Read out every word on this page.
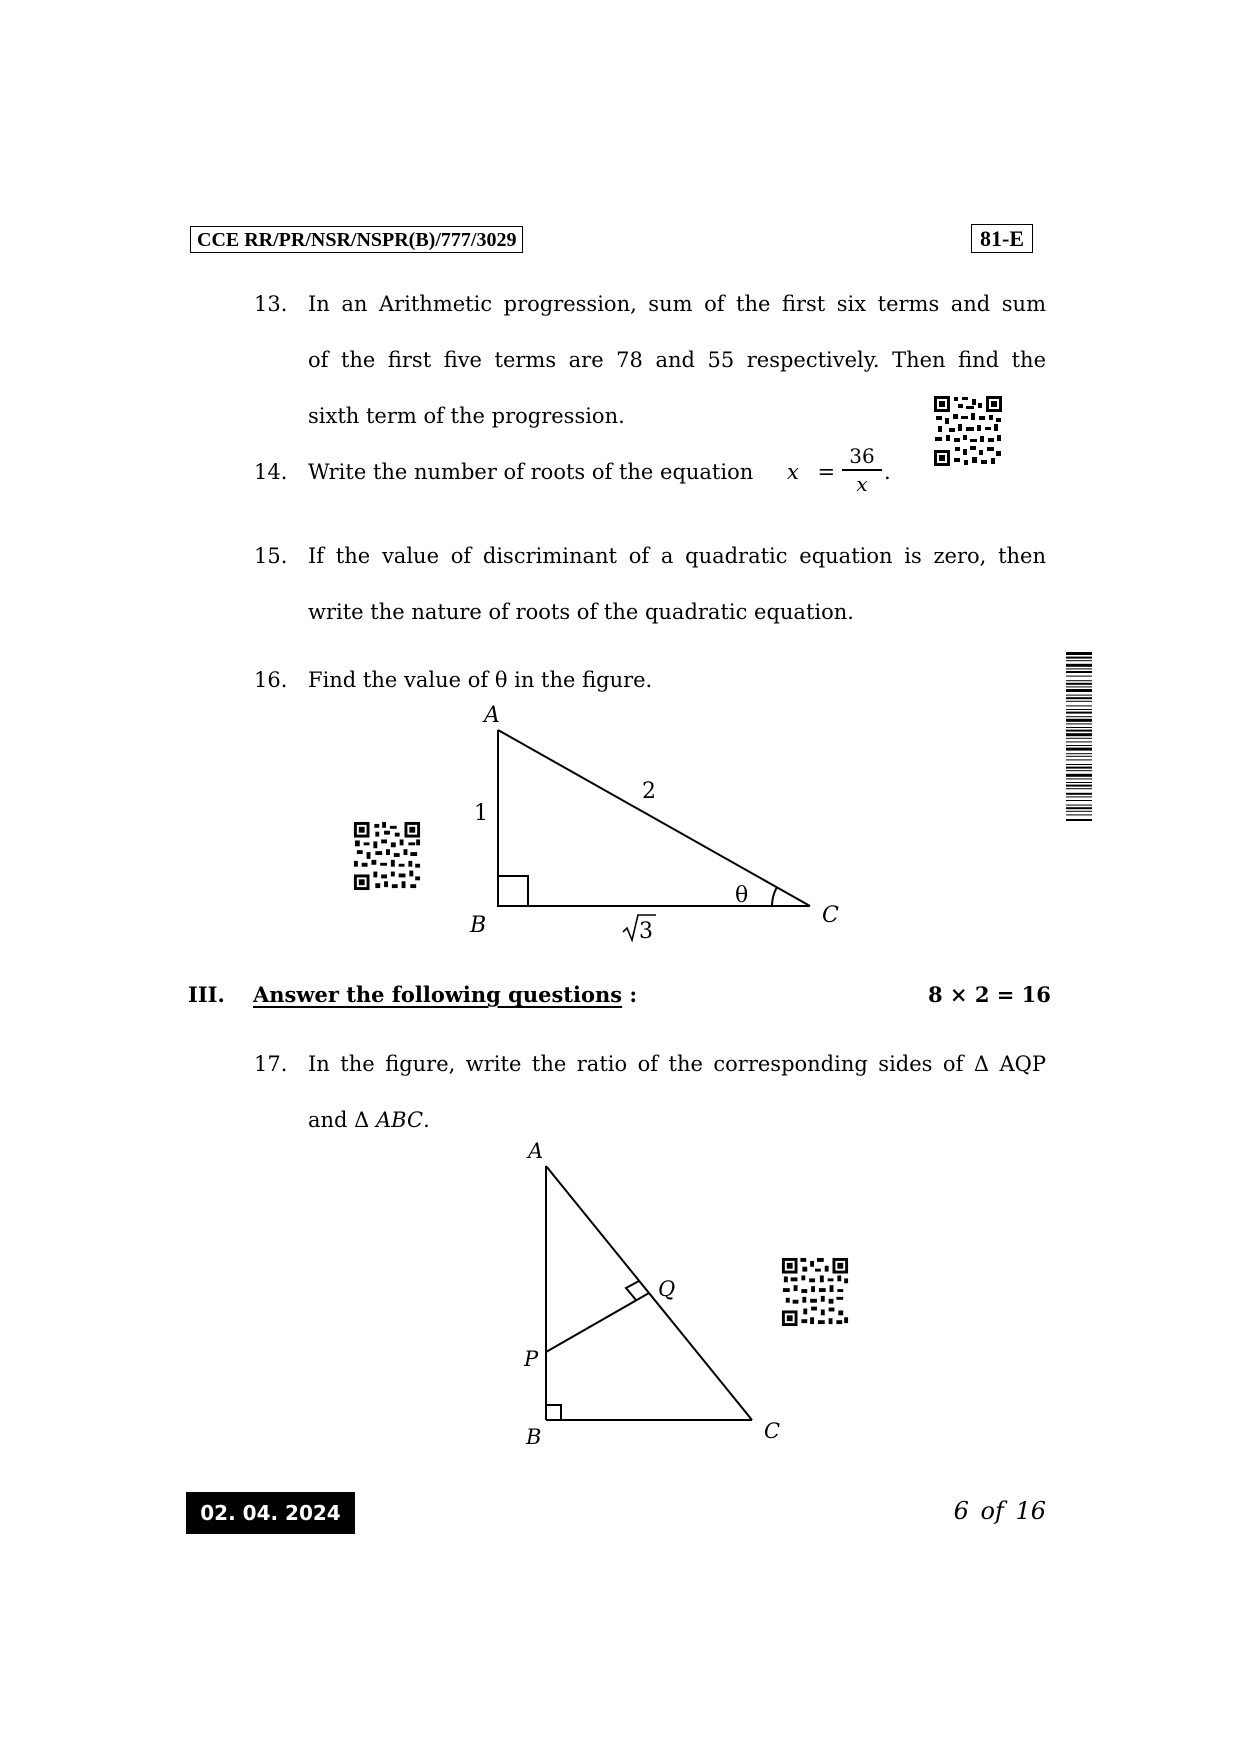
CCE RR/PR/NSR/NSPR(B)/777/3029	81-E
13. In an Arithmetic progression, sum of the first six terms and sum
of the first five terms are 78 and 55 respectively. Then find the
sixth term of the progression.
14. Write the number of roots of the equation x =
36
x .
15. If the value of discriminant of a quadratic equation is zero, then
write the nature of roots of the quadratic equation.
16. Find the value of θ in the figure.
A
B	C
1
2
3
θ
III. Answer the following questions :	8 × 2 = 16
17. In the figure, write the ratio of the corresponding sides of Δ AQP
and Δ ABC.
A
B	C
P
Q
02. 04. 2024	6 of 16
